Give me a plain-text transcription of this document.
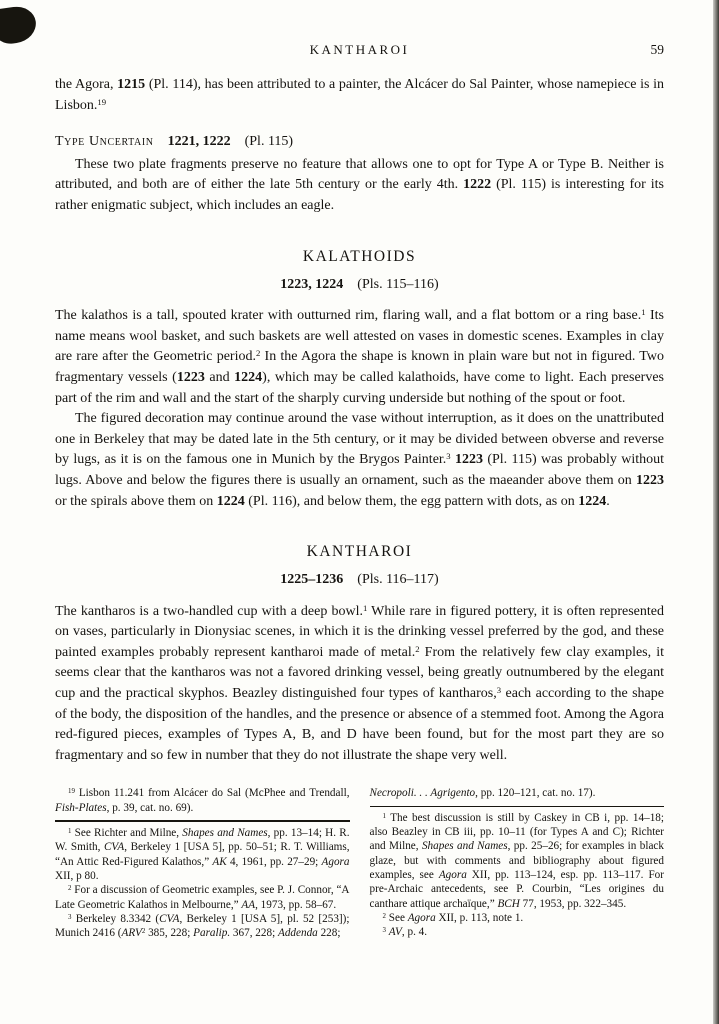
KANTHAROI	59

the Agora, 1215 (Pl. 114), has been attributed to a painter, the Alcácer do Sal Painter, whose namepiece is in Lisbon.$^{19}$

Type Uncertain  1221, 1222  (Pl. 115)

These two plate fragments preserve no feature that allows one to opt for Type A or Type B. Neither is attributed, and both are of either the late 5th century or the early 4th. 1222 (Pl. 115) is interesting for its rather enigmatic subject, which includes an eagle.

KALATHOIDS

1223, 1224 (Pls. 115–116)

The kalathos is a tall, spouted krater with outturned rim, flaring wall, and a flat bottom or a ring base.$^1$ Its name means wool basket, and such baskets are well attested on vases in domestic scenes. Examples in clay are rare after the Geometric period.$^2$ In the Agora the shape is known in plain ware but not in figured. Two fragmentary vessels (1223 and 1224), which may be called kalathoids, have come to light. Each preserves part of the rim and wall and the start of the sharply curving underside but nothing of the spout or foot.

The figured decoration may continue around the vase without interruption, as it does on the unattributed one in Berkeley that may be dated late in the 5th century, or it may be divided between obverse and reverse by lugs, as it is on the famous one in Munich by the Brygos Painter.$^3$ 1223 (Pl. 115) was probably without lugs. Above and below the figures there is usually an ornament, such as the maeander above them on 1223 or the spirals above them on 1224 (Pl. 116), and below them, the egg pattern with dots, as on 1224.

KANTHAROI

1225–1236 (Pls. 116–117)

The kantharos is a two-handled cup with a deep bowl.$^1$ While rare in figured pottery, it is often represented on vases, particularly in Dionysiac scenes, in which it is the drinking vessel preferred by the god, and these painted examples probably represent kantharoi made of metal.$^2$ From the relatively few clay examples, it seems clear that the kantharos was not a favored drinking vessel, being greatly outnumbered by the elegant cup and the practical skyphos. Beazley distinguished four types of kantharos,$^3$ each according to the shape of the body, the disposition of the handles, and the presence or absence of a stemmed foot. Among the Agora red-figured pieces, examples of Types A, B, and D have been found, but for the most part they are so fragmentary and so few in number that they do not illustrate the shape very well.

$^{19}$ Lisbon 11.241 from Alcácer do Sal (McPhee and Trendall, Fish-Plates, p. 39, cat. no. 69).

$^1$ See Richter and Milne, Shapes and Names, pp. 13–14; H. R. W. Smith, CVA, Berkeley 1 [USA 5], pp. 50–51; R. T. Williams, “An Attic Red-Figured Kalathos,” AK 4, 1961, pp. 27–29; Agora XII, p 80.

$^2$ For a discussion of Geometric examples, see P. J. Connor, “A Late Geometric Kalathos in Melbourne,” AA, 1973, pp. 58–67.

$^3$ Berkeley 8.3342 (CVA, Berkeley 1 [USA 5], pl. 52 [253]); Munich 2416 (ARV$^2$ 385, 228; Paralip. 367, 228; Addenda 228;

Necropoli. . . Agrigento, pp. 120–121, cat. no. 17).

$^1$ The best discussion is still by Caskey in CB i, pp. 14–18; also Beazley in CB iii, pp. 10–11 (for Types A and C); Richter and Milne, Shapes and Names, pp. 25–26; for examples in black glaze, but with comments and bibliography about figured examples, see Agora XII, pp. 113–124, esp. pp. 113–117. For pre-Archaic antecedents, see P. Courbin, “Les origines du canthare attique archaïque,” BCH 77, 1953, pp. 322–345.

$^2$ See Agora XII, p. 113, note 1.

$^3$ AV, p. 4.
